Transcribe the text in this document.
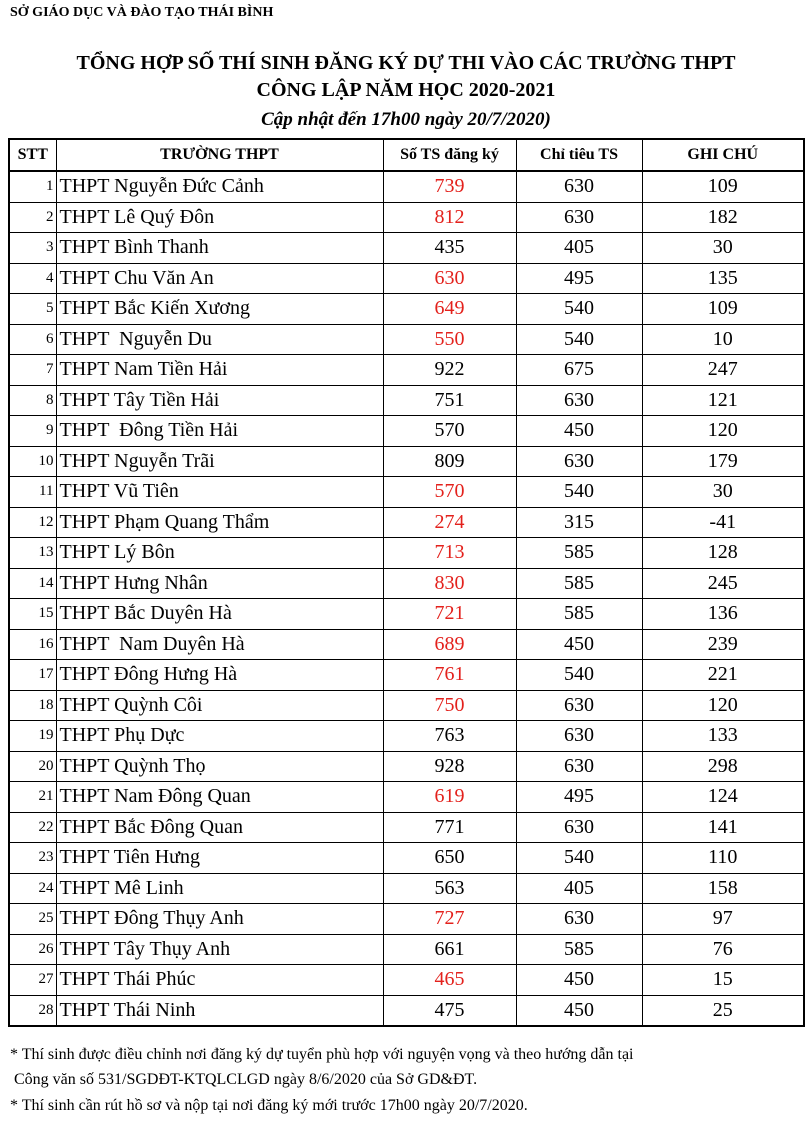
SỞ GIÁO DỤC VÀ ĐÀO TẠO THÁI BÌNH
TỔNG HỢP SỐ THÍ SINH ĐĂNG KÝ DỰ THI VÀO CÁC TRƯỜNG THPT
CÔNG LẬP NĂM HỌC 2020-2021
Cập nhật đến 17h00 ngày 20/7/2020)
STT	TRƯỜNG THPT	Số TS đăng ký	Chỉ tiêu TS	GHI CHÚ
1	THPT Nguyễn Đức Cảnh	739	630	109
2	THPT Lê Quý Đôn	812	630	182
3	THPT Bình Thanh	435	405	30
4	THPT Chu Văn An	630	495	135
5	THPT Bắc Kiến Xương	649	540	109
6	THPT  Nguyễn Du	550	540	10
7	THPT Nam Tiền Hải	922	675	247
8	THPT Tây Tiền Hải	751	630	121
9	THPT  Đông Tiền Hải	570	450	120
10	THPT Nguyễn Trãi	809	630	179
11	THPT Vũ Tiên	570	540	30
12	THPT Phạm Quang Thẩm	274	315	-41
13	THPT Lý Bôn	713	585	128
14	THPT Hưng Nhân	830	585	245
15	THPT Bắc Duyên Hà	721	585	136
16	THPT  Nam Duyên Hà	689	450	239
17	THPT Đông Hưng Hà	761	540	221
18	THPT Quỳnh Côi	750	630	120
19	THPT Phụ Dực	763	630	133
20	THPT Quỳnh Thọ	928	630	298
21	THPT Nam Đông Quan	619	495	124
22	THPT Bắc Đông Quan	771	630	141
23	THPT Tiên Hưng	650	540	110
24	THPT Mê Linh	563	405	158
25	THPT Đông Thụy Anh	727	630	97
26	THPT Tây Thụy Anh	661	585	76
27	THPT Thái Phúc	465	450	15
28	THPT Thái Ninh	475	450	25
* Thí sinh được điều chỉnh nơi đăng ký dự tuyển phù hợp với nguyện vọng và theo hướng dẫn tại
Công văn số 531/SGDĐT-KTQLCLGD ngày 8/6/2020 của Sở GD&ĐT.
* Thí sinh cần rút hồ sơ và nộp tại nơi đăng ký mới trước 17h00 ngày 20/7/2020.
